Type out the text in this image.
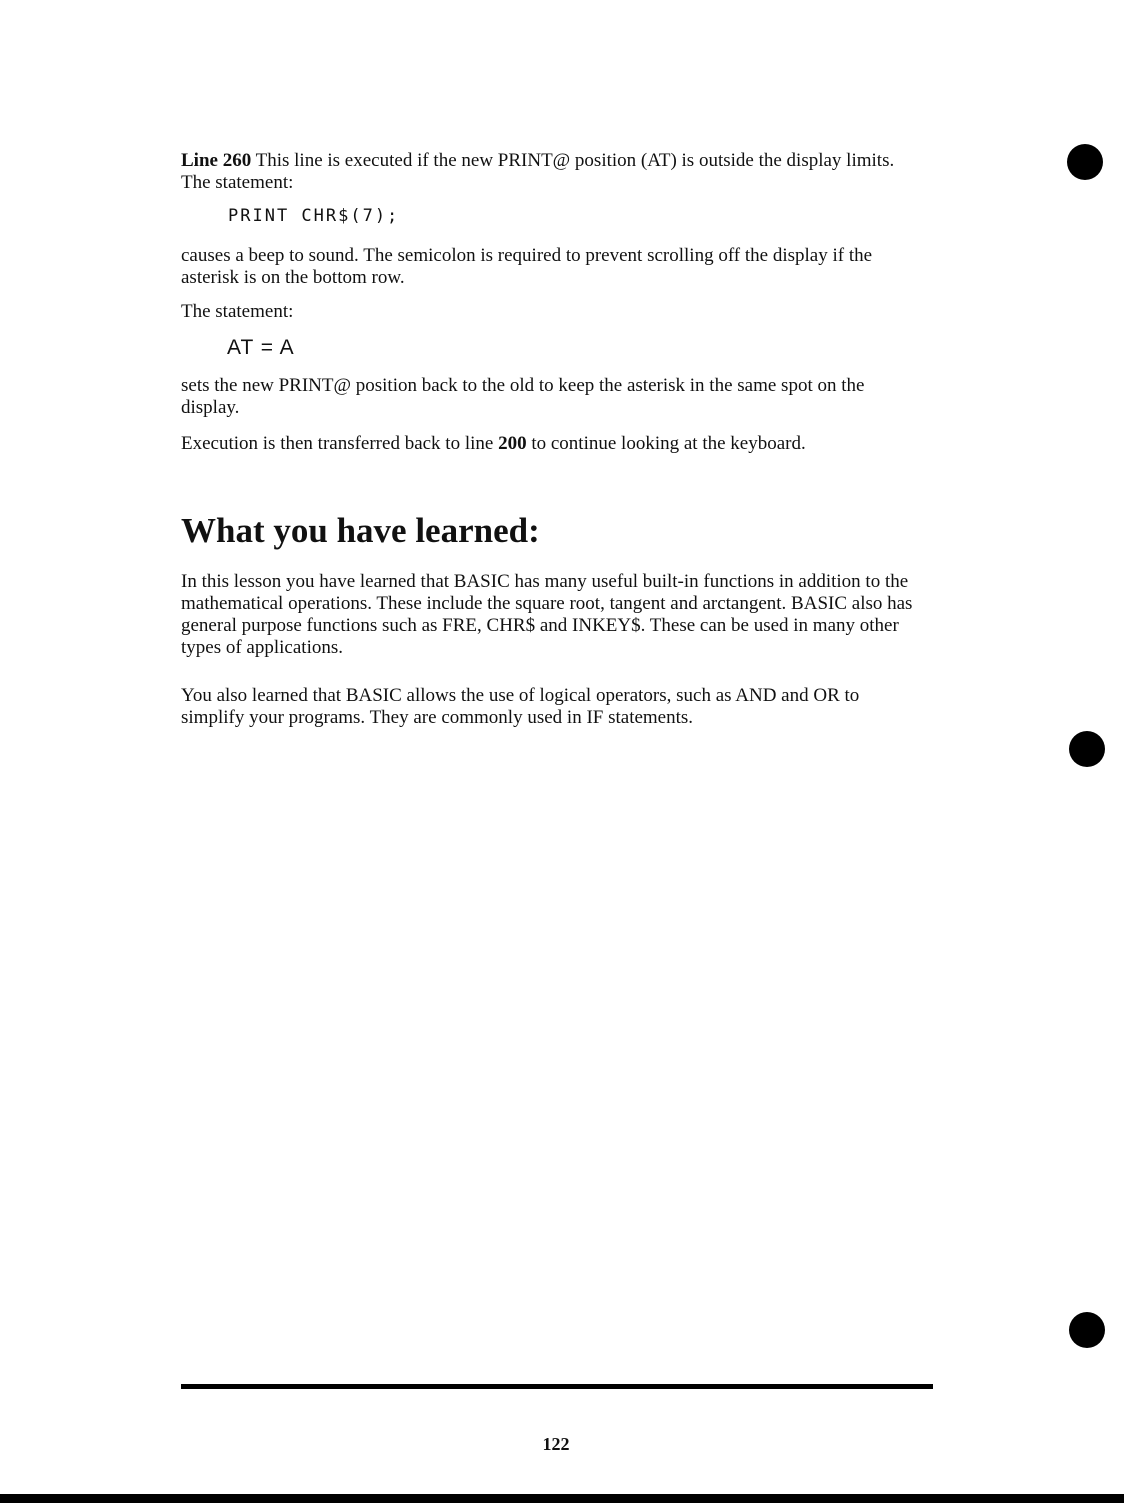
Line 260 This line is executed if the new PRINT@ position (AT) is outside the display limits. The statement:

PRINT CHR$(7);

causes a beep to sound. The semicolon is required to prevent scrolling off the display if the asterisk is on the bottom row.

The statement:

AT = A

sets the new PRINT@ position back to the old to keep the asterisk in the same spot on the display.

Execution is then transferred back to line 200 to continue looking at the keyboard.

What you have learned:

In this lesson you have learned that BASIC has many useful built-in functions in addition to the mathematical operations. These include the square root, tangent and arctangent. BASIC also has general purpose functions such as FRE, CHR$ and INKEY$. These can be used in many other types of applications.

You also learned that BASIC allows the use of logical operators, such as AND and OR to simplify your programs. They are commonly used in IF statements.

122
